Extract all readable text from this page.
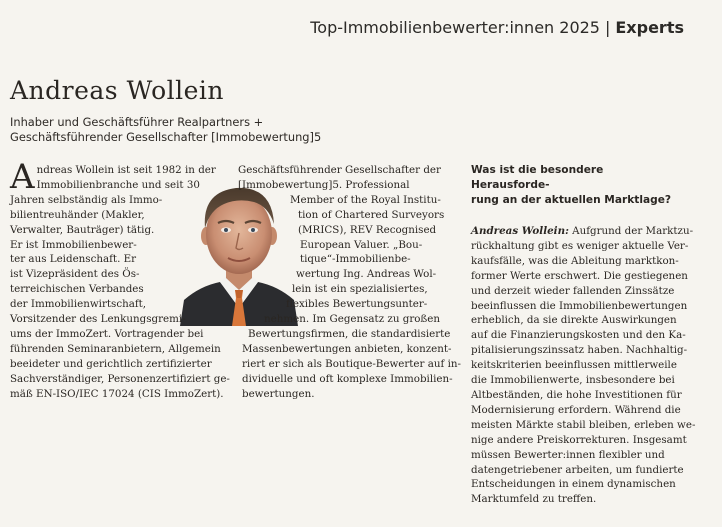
Top-Immobilienbewerter:innen 2025 | Experts
Andreas Wollein
Inhaber und Geschäftsführer Realpartners +
Geschäftsführender Gesellschafter [Immobewertung]5
Andreas Wollein ist seit 1982 in der
Immobilienbranche und seit 30
Jahren selbständig als Immo-
bilientreuhänder (Makler,
Verwalter, Bauträger) tätig.
Er ist Immobilienbewer-
ter aus Leidenschaft. Er
ist Vizepräsident des Ös-
terreichischen Verbandes
der Immobilienwirtschaft,
Vorsitzender des Lenkungsgremi-
ums der ImmoZert. Vortragender bei
führenden Seminaranbietern, Allgemein
beeideter und gerichtlich zertifizierter
Sachverständiger, Personenzertifiziert ge-
mäß EN-ISO/IEC 17024 (CIS ImmoZert).
Geschäftsführender Gesellschafter der
[Immobewertung]5. Professional
Member of the Royal Institu-
tion of Chartered Surveyors
(MRICS), REV Recognised
European Valuer. „Bou-
tique“-Immobilienbe-
wertung Ing. Andreas Wol-
lein ist ein spezialisiertes,
flexibles Bewertungsunter-
nehmen. Im Gegensatz zu großen
Bewertungsfirmen, die standardisierte
Massenbewertungen anbieten, konzent-
riert er sich als Boutique-Bewerter auf in-
dividuelle und oft komplexe Immobilien-
bewertungen.
Was ist die besondere Herausforde-
rung an der aktuellen Marktlage?
Andreas Wollein: Aufgrund der Marktzu-
rückhaltung gibt es weniger aktuelle Ver-
kaufsfälle, was die Ableitung marktkon-
former Werte erschwert. Die gestiegenen
und derzeit wieder fallenden Zinssätze
beeinflussen die Immobilienbewertungen
erheblich, da sie direkte Auswirkungen
auf die Finanzierungskosten und den Ka-
pitalisierungszinssatz haben. Nachhaltig-
keitskriterien beeinflussen mittlerweile
die Immobilienwerte, insbesondere bei
Altbeständen, die hohe Investitionen für
Modernisierung erfordern. Während die
meisten Märkte stabil bleiben, erleben we-
nige andere Preiskorrekturen. Insgesamt
müssen Bewerter:innen flexibler und
datengetriebener arbeiten, um fundierte
Entscheidungen in einem dynamischen
Marktumfeld zu treffen.
